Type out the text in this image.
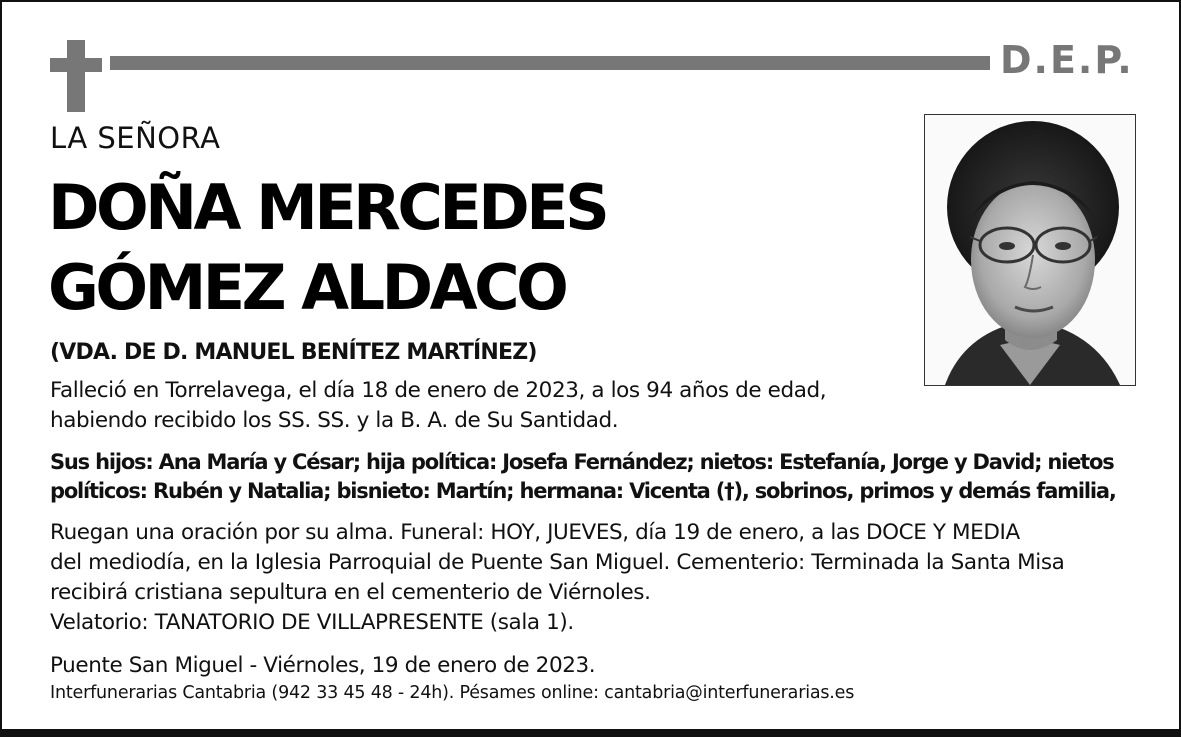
D.E.P.
LA SEÑORA
DOÑA MERCEDES
GÓMEZ ALDACO
(VDA. DE D. MANUEL BENÍTEZ MARTÍNEZ)
Falleció en Torrelavega, el día 18 de enero de 2023, a los 94 años de edad,
habiendo recibido los SS. SS. y la B. A. de Su Santidad.
Sus hijos: Ana María y César; hija política: Josefa Fernández; nietos: Estefanía, Jorge y David; nietos
políticos: Rubén y Natalia; bisnieto: Martín; hermana: Vicenta (†), sobrinos, primos y demás familia,
Ruegan una oración por su alma. Funeral: HOY, JUEVES, día 19 de enero, a las DOCE Y MEDIA
del mediodía, en la Iglesia Parroquial de Puente San Miguel. Cementerio: Terminada la Santa Misa
recibirá cristiana sepultura en el cementerio de Viérnoles.
Velatorio: TANATORIO DE VILLAPRESENTE (sala 1).
Puente San Miguel - Viérnoles, 19 de enero de 2023.
Interfunerarias Cantabria (942 33 45 48 - 24h). Pésames online: cantabria@interfunerarias.es
